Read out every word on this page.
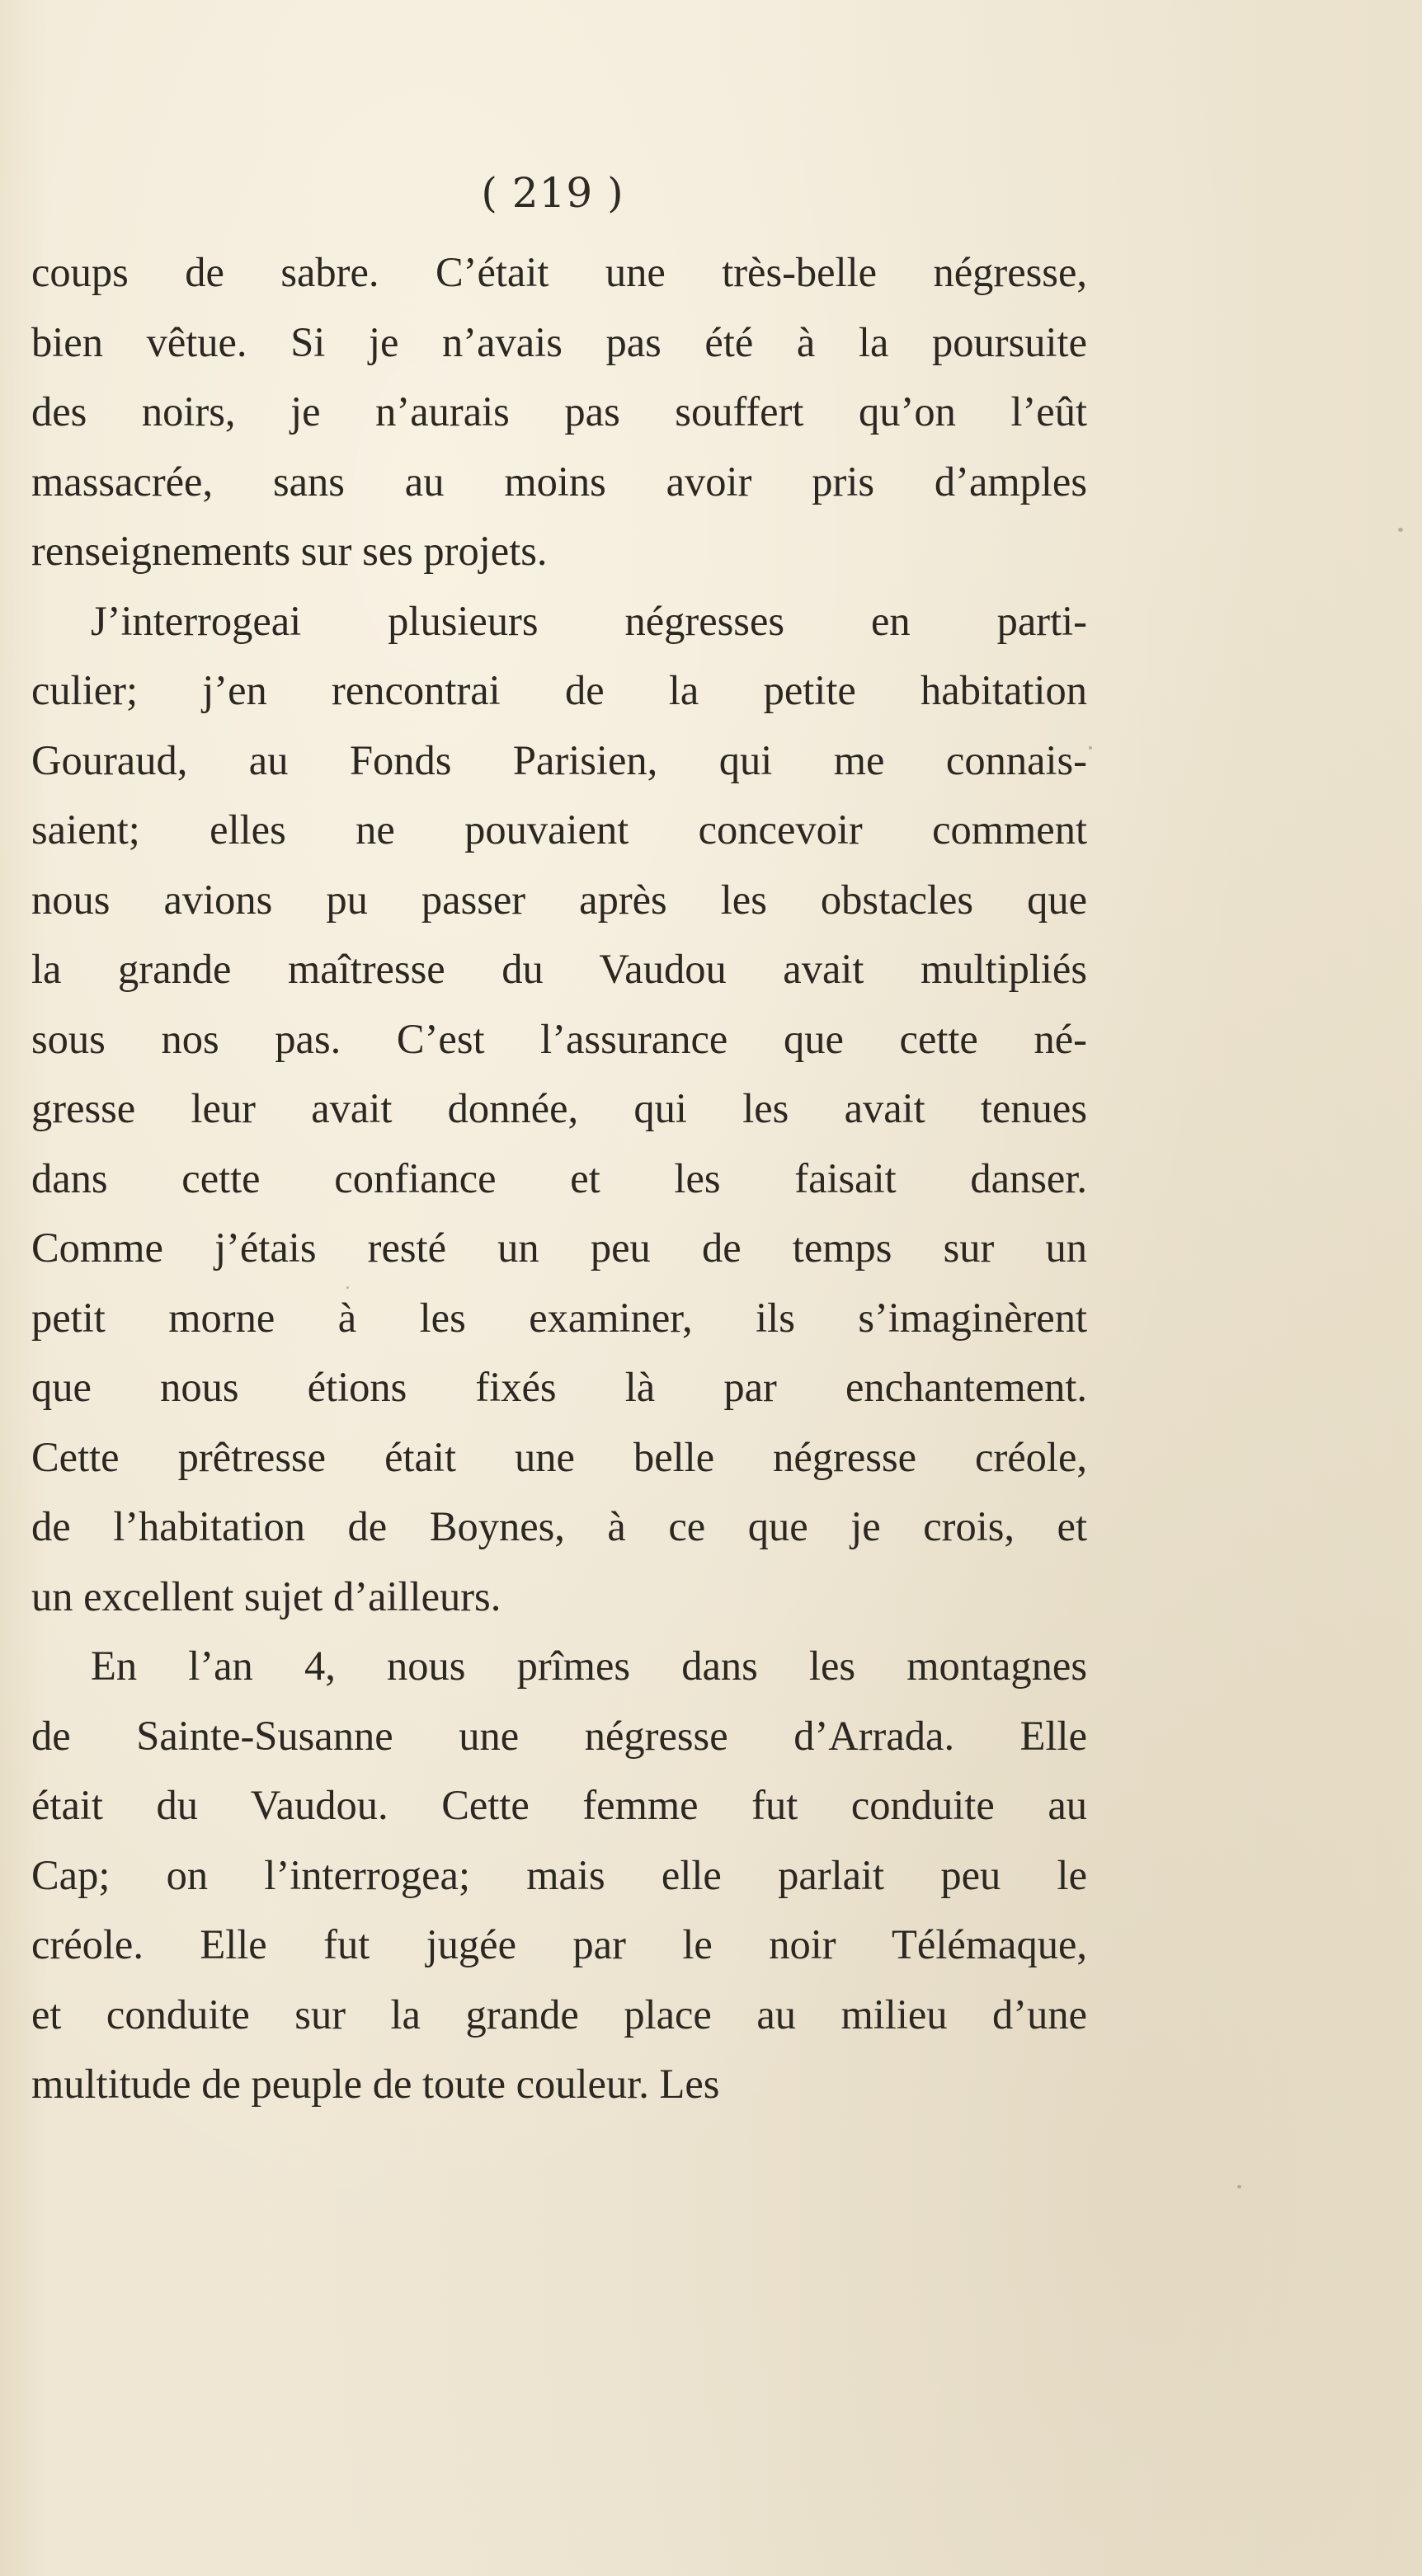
( 219 )
coups de sabre. C’était une très-belle négresse,
bien vêtue. Si je n’avais pas été à la poursuite
des noirs, je n’aurais pas souffert qu’on l’eût
massacrée, sans au moins avoir pris d’amples
renseignements sur ses projets.
J’interrogeai plusieurs négresses en parti-
culier; j’en rencontrai de la petite habitation
Gouraud, au Fonds Parisien, qui me connais-
saient; elles ne pouvaient concevoir comment
nous avions pu passer après les obstacles que
la grande maîtresse du Vaudou avait multipliés
sous nos pas. C’est l’assurance que cette né-
gresse leur avait donnée, qui les avait tenues
dans cette confiance et les faisait danser.
Comme j’étais resté un peu de temps sur un
petit morne à les examiner, ils s’imaginèrent
que nous étions fixés là par enchantement.
Cette prêtresse était une belle négresse créole,
de l’habitation de Boynes, à ce que je crois, et
un excellent sujet d’ailleurs.
En l’an 4, nous prîmes dans les montagnes
de Sainte-Susanne une négresse d’Arrada. Elle
était du Vaudou. Cette femme fut conduite au
Cap; on l’interrogea; mais elle parlait peu le
créole. Elle fut jugée par le noir Télémaque,
et conduite sur la grande place au milieu d’une
multitude de peuple de toute couleur. Les
